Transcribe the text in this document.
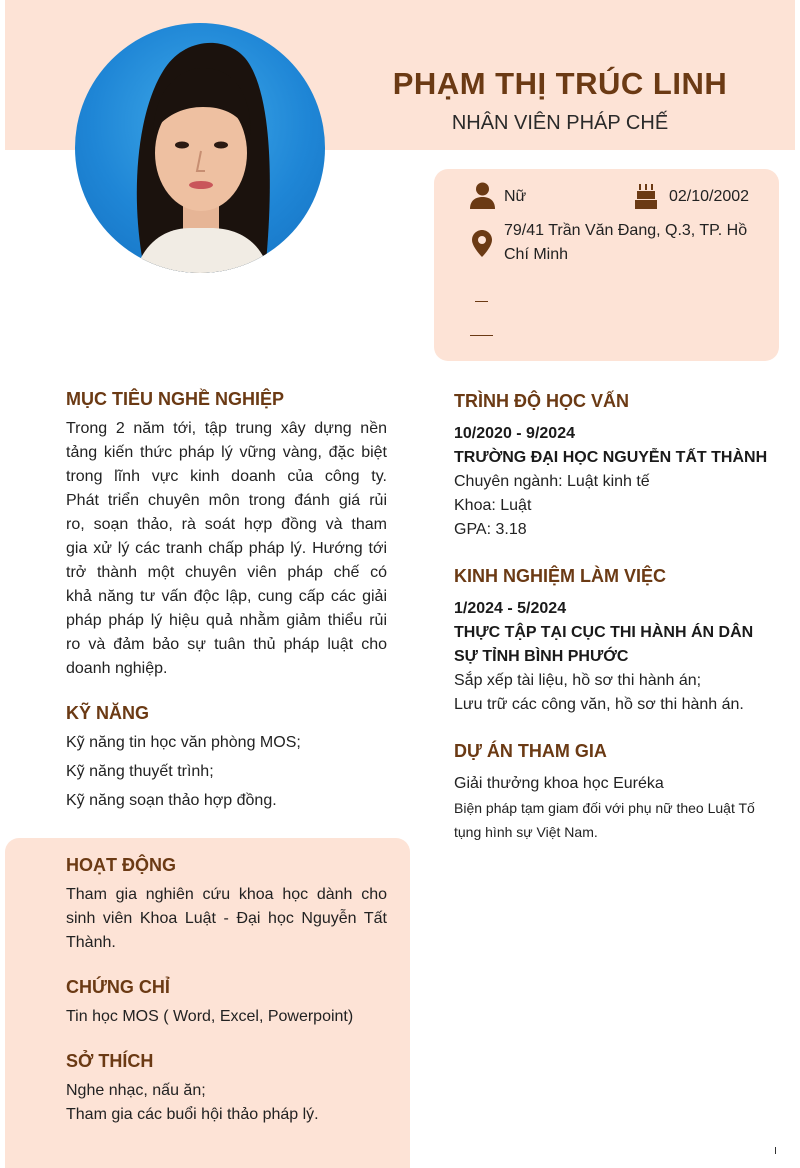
PHẠM THỊ TRÚC LINH
NHÂN VIÊN PHÁP CHẾ
Nữ	02/10/2002
79/41 Trần Văn Đang, Q.3, TP. Hồ
Chí Minh
MỤC TIÊU NGHỀ NGHIỆP
Trong 2 năm tới, tập trung xây dựng nền
tảng kiến thức pháp lý vững vàng, đặc biệt
trong lĩnh vực kinh doanh của công ty.
Phát triển chuyên môn trong đánh giá rủi
ro, soạn thảo, rà soát hợp đồng và tham
gia xử lý các tranh chấp pháp lý. Hướng tới
trở thành một chuyên viên pháp chế có
khả năng tư vấn độc lập, cung cấp các giải
pháp pháp lý hiệu quả nhằm giảm thiểu rủi
ro và đảm bảo sự tuân thủ pháp luật cho
doanh nghiệp.
KỸ NĂNG
Kỹ năng tin học văn phòng MOS;
Kỹ năng thuyết trình;
Kỹ năng soạn thảo hợp đồng.
HOẠT ĐỘNG
Tham gia nghiên cứu khoa học dành cho
sinh viên Khoa Luật - Đại học Nguyễn Tất
Thành.
CHỨNG CHỈ
Tin học MOS ( Word, Excel, Powerpoint)
SỞ THÍCH
Nghe nhạc, nấu ăn;
Tham gia các buổi hội thảo pháp lý.
TRÌNH ĐỘ HỌC VẤN
10/2020 - 9/2024
TRƯỜNG ĐẠI HỌC NGUYỄN TẤT THÀNH
Chuyên ngành: Luật kinh tế
Khoa: Luật
GPA: 3.18
KINH NGHIỆM LÀM VIỆC
1/2024 - 5/2024
THỰC TẬP TẠI CỤC THI HÀNH ÁN DÂN
SỰ TỈNH BÌNH PHƯỚC
Sắp xếp tài liệu, hồ sơ thi hành án;
Lưu trữ các công văn, hồ sơ thi hành án.
DỰ ÁN THAM GIA
Giải thưởng khoa học Euréka
Biện pháp tạm giam đối với phụ nữ theo Luật Tố
tụng hình sự Việt Nam.
